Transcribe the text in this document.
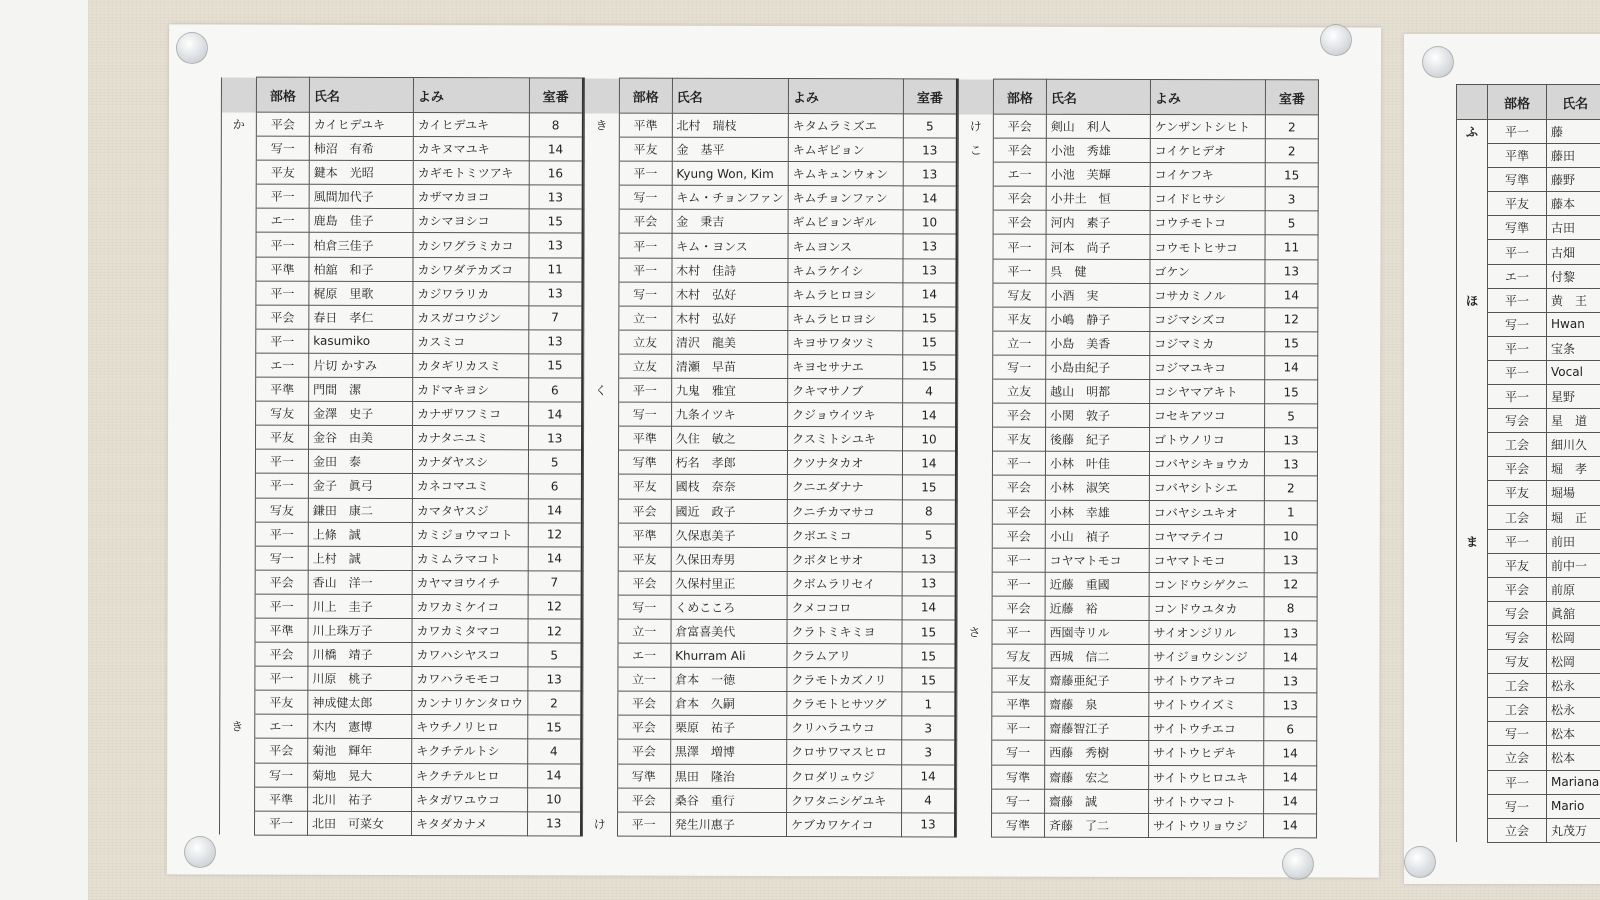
	部格	氏名	よみ	室番			部格	氏名	よみ	室番			部格	氏名	よみ	室番
か	平会	カイヒデユキ	カイヒデユキ	8		き	平準	北村　瑞枝	キタムラミズエ	5		け	平会	剣山　利人	ケンザントシヒト	2
	写一	柿沼　有希	カキヌマユキ	14			平友	金　基平	キムギピョン	13		こ	平会	小池　秀雄	コイケヒデオ	2
	平友	鍵本　光昭	カギモトミツアキ	16			平一	Kyung Won, Kim	キムキュンウォン	13			エ一	小池　芙輝	コイケフキ	15
	平一	風間加代子	カザマカヨコ	13			写一	キム・チョンファン	キムチョンファン	14			平会	小井土　恒	コイドヒサシ	3
	エ一	鹿島　佳子	カシマヨシコ	15			平会	金　秉吉	ギムビョンギル	10			平会	河内　素子	コウチモトコ	5
	平一	柏倉三佳子	カシワグラミカコ	13			平一	キム・ヨンス	キムヨンス	13			平一	河本　尚子	コウモトヒサコ	11
	平準	柏舘　和子	カシワダテカズコ	11			平一	木村　佳詩	キムラケイシ	13			平一	呉　健	ゴケン	13
	平一	梶原　里歌	カジワラリカ	13			写一	木村　弘好	キムラヒロヨシ	14			写友	小酒　実	コサカミノル	14
	平会	春日　孝仁	カスガコウジン	7			立一	木村　弘好	キムラヒロヨシ	15			平友	小嶋　静子	コジマシズコ	12
	平一	kasumiko	カスミコ	13			立友	清沢　龍美	キヨサワタツミ	15			立一	小島　美香	コジマミカ	15
	エ一	片切 かすみ	カタギリカスミ	15			立友	清瀬　早苗	キヨセサナエ	15			写一	小島由紀子	コジマユキコ	14
	平準	門間　潔	カドマキヨシ	6		く	平一	九鬼　雅宜	クキマサノブ	4			立友	越山　明都	コシヤマアキト	15
	写友	金澤　史子	カナザワフミコ	14			写一	九条イツキ	クジョウイツキ	14			平会	小関　敦子	コセキアツコ	5
	平友	金谷　由美	カナタニユミ	13			平準	久住　敏之	クスミトシユキ	10			平友	後藤　紀子	ゴトウノリコ	13
	平一	金田　泰	カナダヤスシ	5			写準	朽名　孝郎	クツナタカオ	14			平一	小林　叶佳	コバヤシキョウカ	13
	平一	金子　眞弓	カネコマユミ	6			平友	國枝　奈奈	クニエダナナ	15			平会	小林　淑笑	コバヤシトシエ	2
	写友	鎌田　康二	カマタヤスジ	14			平会	國近　政子	クニチカマサコ	8			平会	小林　幸雄	コバヤシユキオ	1
	平一	上條　誠	カミジョウマコト	12			平準	久保恵美子	クボエミコ	5			平会	小山　禎子	コヤマテイコ	10
	写一	上村　誠	カミムラマコト	14			平友	久保田寿男	クボタヒサオ	13			平一	コヤマトモコ	コヤマトモコ	13
	平会	香山　洋一	カヤマヨウイチ	7			平会	久保村里正	クボムラリセイ	13			平一	近藤　重國	コンドウシゲクニ	12
	平一	川上　圭子	カワカミケイコ	12			写一	くめこころ	クメココロ	14			平会	近藤　裕	コンドウユタカ	8
	平準	川上珠万子	カワカミタマコ	12			立一	倉富喜美代	クラトミキミヨ	15		さ	平一	西園寺リル	サイオンジリル	13
	平会	川橋　靖子	カワハシヤスコ	5			エ一	Khurram Ali	クラムアリ	15			写友	西城　信二	サイジョウシンジ	14
	平一	川原　桃子	カワハラモモコ	13			立一	倉本　一徳	クラモトカズノリ	15			平友	齋藤亜紀子	サイトウアキコ	13
	平友	神成健太郎	カンナリケンタロウ	2			平会	倉本　久嗣	クラモトヒサツグ	1			平準	齋藤　泉	サイトウイズミ	13
き	エ一	木内　憲博	キウチノリヒロ	15			平会	栗原　祐子	クリハラユウコ	3			平一	齋藤智江子	サイトウチエコ	6
	平会	菊池　輝年	キクチテルトシ	4			平会	黒澤　増博	クロサワマスヒロ	3			写一	西藤　秀樹	サイトウヒデキ	14
	写一	菊地　晃大	キクチテルヒロ	14			写準	黒田　隆治	クロダリュウジ	14			写準	齋藤　宏之	サイトウヒロユキ	14
	平準	北川　祐子	キタガワユウコ	10			平会	桑谷　重行	クワタニシゲユキ	4			写一	齋藤　誠	サイトウマコト	14
	平一	北田　可菜女	キタダカナメ	13		け	平一	発生川惠子	ケブカワケイコ	13			写準	斉藤　了二	サイトウリョウジ	14
	部格	氏名
ふ	平一	藤
	平準	藤田
	写準	藤野
	平友	藤本
	写準	古田
	平一	古畑
	エ一	付黎
ほ	平一	黄　王
	写一	Hwan
	平一	宝条
	平一	Vocal
	平一	星野
	写会	星　道
	工会	細川久
	平会	堀　孝
	平友	堀場
	工会	堀　正
ま	平一	前田
	平友	前中一
	平会	前原
	写会	眞舘
	写会	松岡
	写友	松岡
	工会	松永
	工会	松永
	写一	松本
	立会	松本
	平一	Mariana
	写一	Mario
	立会	丸茂万
